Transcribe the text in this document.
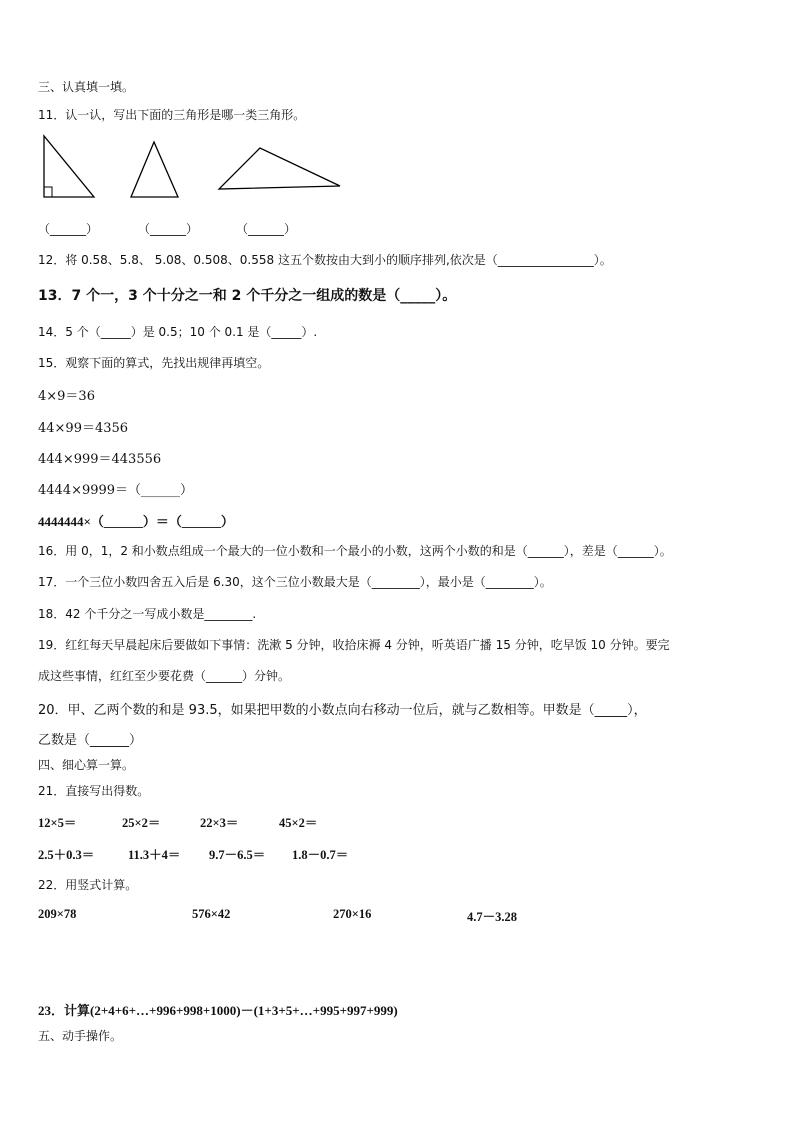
三、认真填一填。
11．认一认，写出下面的三角形是哪一类三角形。
（______）	（______）	（______）
12．将 0.58、5.8、 5.08、0.508、0.558 这五个数按由大到小的顺序排列,依次是（________________）。
13．7 个一，3 个十分之一和 2 个千分之一组成的数是（_____）。
14．5 个（_____）是 0.5；10 个 0.1 是（_____）.
15．观察下面的算式，先找出规律再填空。
4×9＝36
44×99＝4356
444×999＝443556
4444×9999＝（______）
4444444×（______）＝（______）
16．用 0，1，2 和小数点组成一个最大的一位小数和一个最小的小数，这两个小数的和是（______），差是（______）。
17．一个三位小数四舍五入后是 6.30，这个三位小数最大是（________），最小是（________）。
18．42 个千分之一写成小数是________.
19．红红每天早晨起床后要做如下事情：洗漱 5 分钟，收拾床褥 4 分钟，听英语广播 15 分钟，吃早饭 10 分钟。要完
成这些事情，红红至少要花费（______）分钟。
20．甲、乙两个数的和是 93.5，如果把甲数的小数点向右移动一位后，就与乙数相等。甲数是（_____），
乙数是（______）
四、细心算一算。
21．直接写出得数。
12×5＝	25×2＝	22×3＝	45×2＝
2.5＋0.3＝	11.3＋4＝ 9.7－6.5＝ 1.8－0.7＝
22．用竖式计算。
209×78	576×42	270×16	4.7－3.28
23．计算(2+4+6+…+996+998+1000)－(1+3+5+…+995+997+999)
五、动手操作。
